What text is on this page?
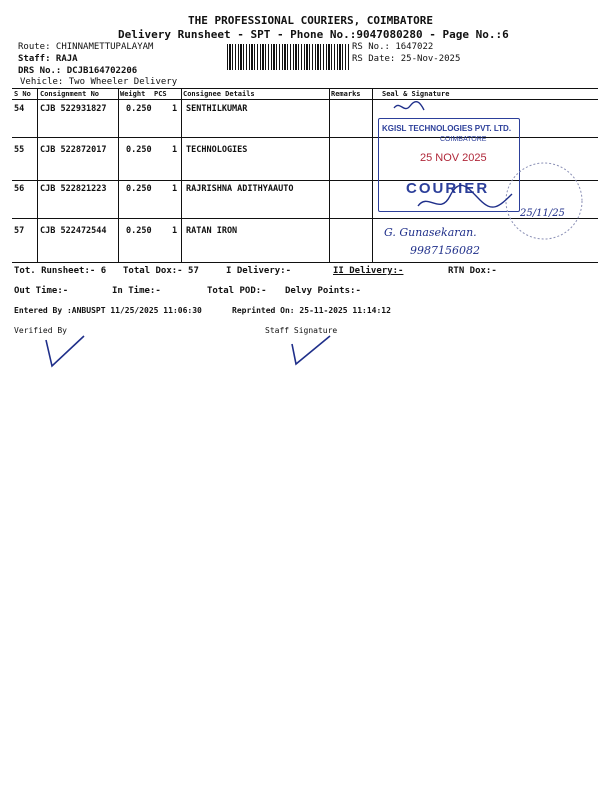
THE PROFESSIONAL COURIERS, COIMBATORE
Delivery Runsheet - SPT - Phone No.:9047080280 - Page No.:6
Route: CHINNAMETTUPALAYAM
Staff: RAJA
DRS No.: DCJB164702206
Vehicle: Two Wheeler Delivery
RS No.: 1647022
RS Date: 25-Nov-2025
S No Consignment No	Weight PCS Consignee Details	Remarks	Seal & Signature
54 CJB 522931827 0.250 1 SENTHILKUMAR
55 CJB 522872017 0.250 1 TECHNOLOGIES
56 CJB 522821223 0.250 1 RAJRISHNA ADITHYAAUTO
57 CJB 522472544 0.250 1 RATAN IRON
KGISL TECHNOLOGIES PVT. LTD.
COIMBATORE
25 NOV 2025
COURIER
G. Gunasekaran.
9987156082
25/11/25
Tot. Runsheet:- 6 Total Dox:- 57	I Delivery:-	II Delivery:-	RTN Dox:-
Out Time:-	In Time:-	Total POD:- Delvy Points:-
Entered By :ANBUSPT 11/25/2025 11:06:30	Reprinted On: 25-11-2025 11:14:12
Verified By	Staff Signature
